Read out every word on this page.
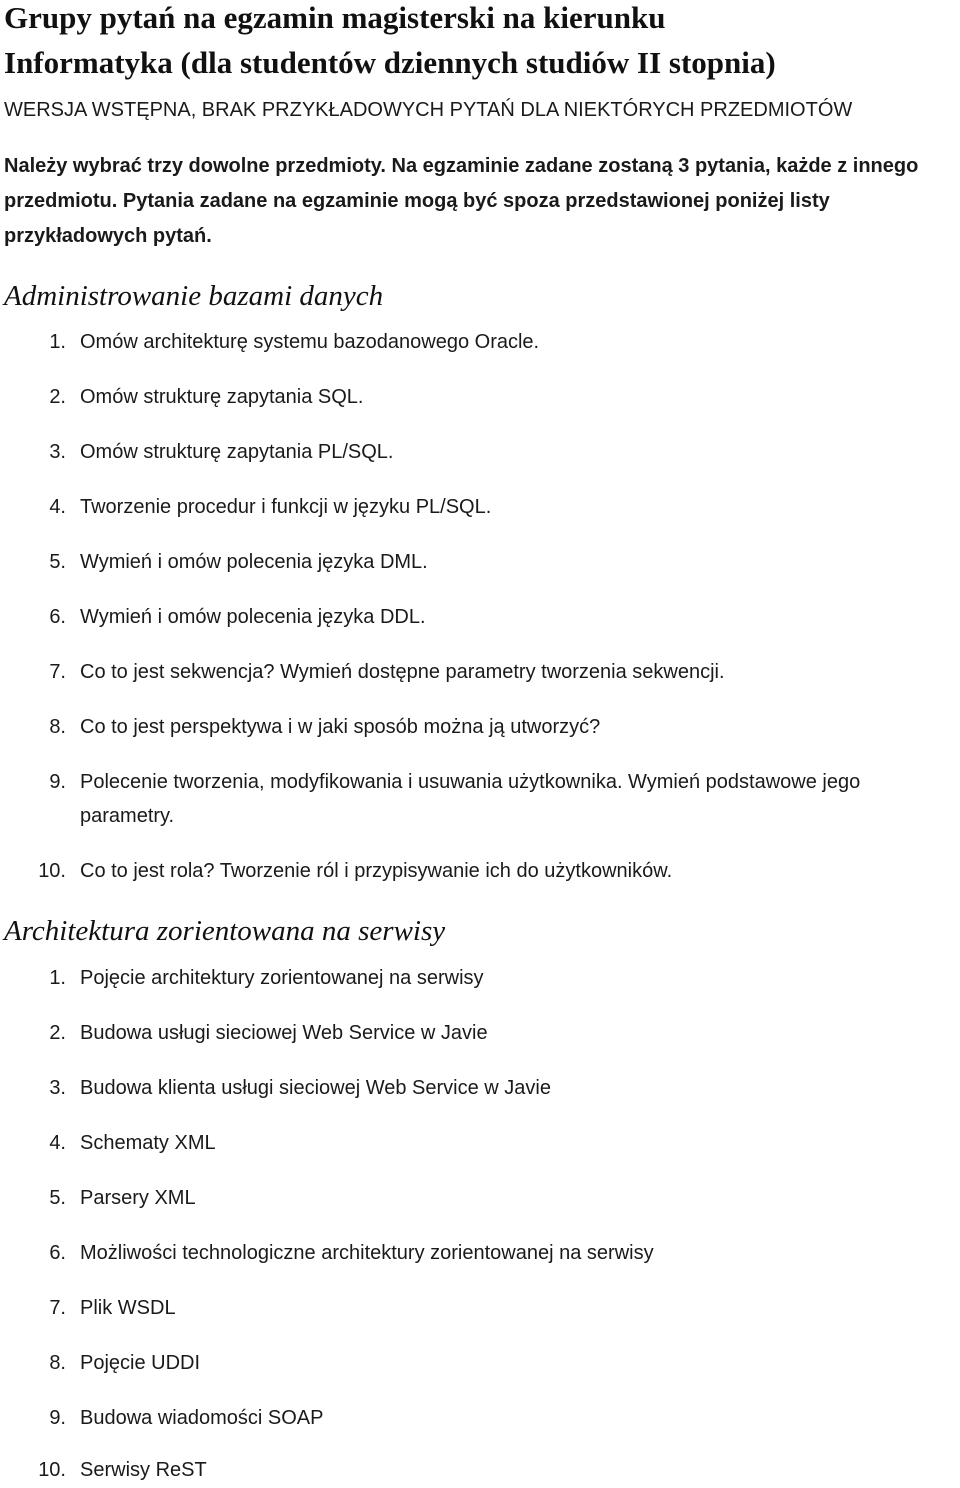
Grupy pytań na egzamin magisterski na kierunku
Informatyka (dla studentów dziennych studiów II stopnia)
WERSJA WSTĘPNA, BRAK PRZYKŁADOWYCH PYTAŃ DLA NIEKTÓRYCH PRZEDMIOTÓW
Należy wybrać trzy dowolne przedmioty. Na egzaminie zadane zostaną 3 pytania, każde z innego
przedmiotu. Pytania zadane na egzaminie mogą być spoza przedstawionej poniżej listy
przykładowych pytań.
Administrowanie bazami danych
1. Omów architekturę systemu bazodanowego Oracle.
2. Omów strukturę zapytania SQL.
3. Omów strukturę zapytania PL/SQL.
4. Tworzenie procedur i funkcji w języku PL/SQL.
5. Wymień i omów polecenia języka DML.
6. Wymień i omów polecenia języka DDL.
7. Co to jest sekwencja? Wymień dostępne parametry tworzenia sekwencji.
8. Co to jest perspektywa i w jaki sposób można ją utworzyć?
9. Polecenie tworzenia, modyfikowania i usuwania użytkownika. Wymień podstawowe jego parametry.
10. Co to jest rola? Tworzenie ról i przypisywanie ich do użytkowników.
Architektura zorientowana na serwisy
1. Pojęcie architektury zorientowanej na serwisy
2. Budowa usługi sieciowej Web Service w Javie
3. Budowa klienta usługi sieciowej Web Service w Javie
4. Schematy XML
5. Parsery XML
6. Możliwości technologiczne architektury zorientowanej na serwisy
7. Plik WSDL
8. Pojęcie UDDI
9. Budowa wiadomości SOAP
10. Serwisy ReST
